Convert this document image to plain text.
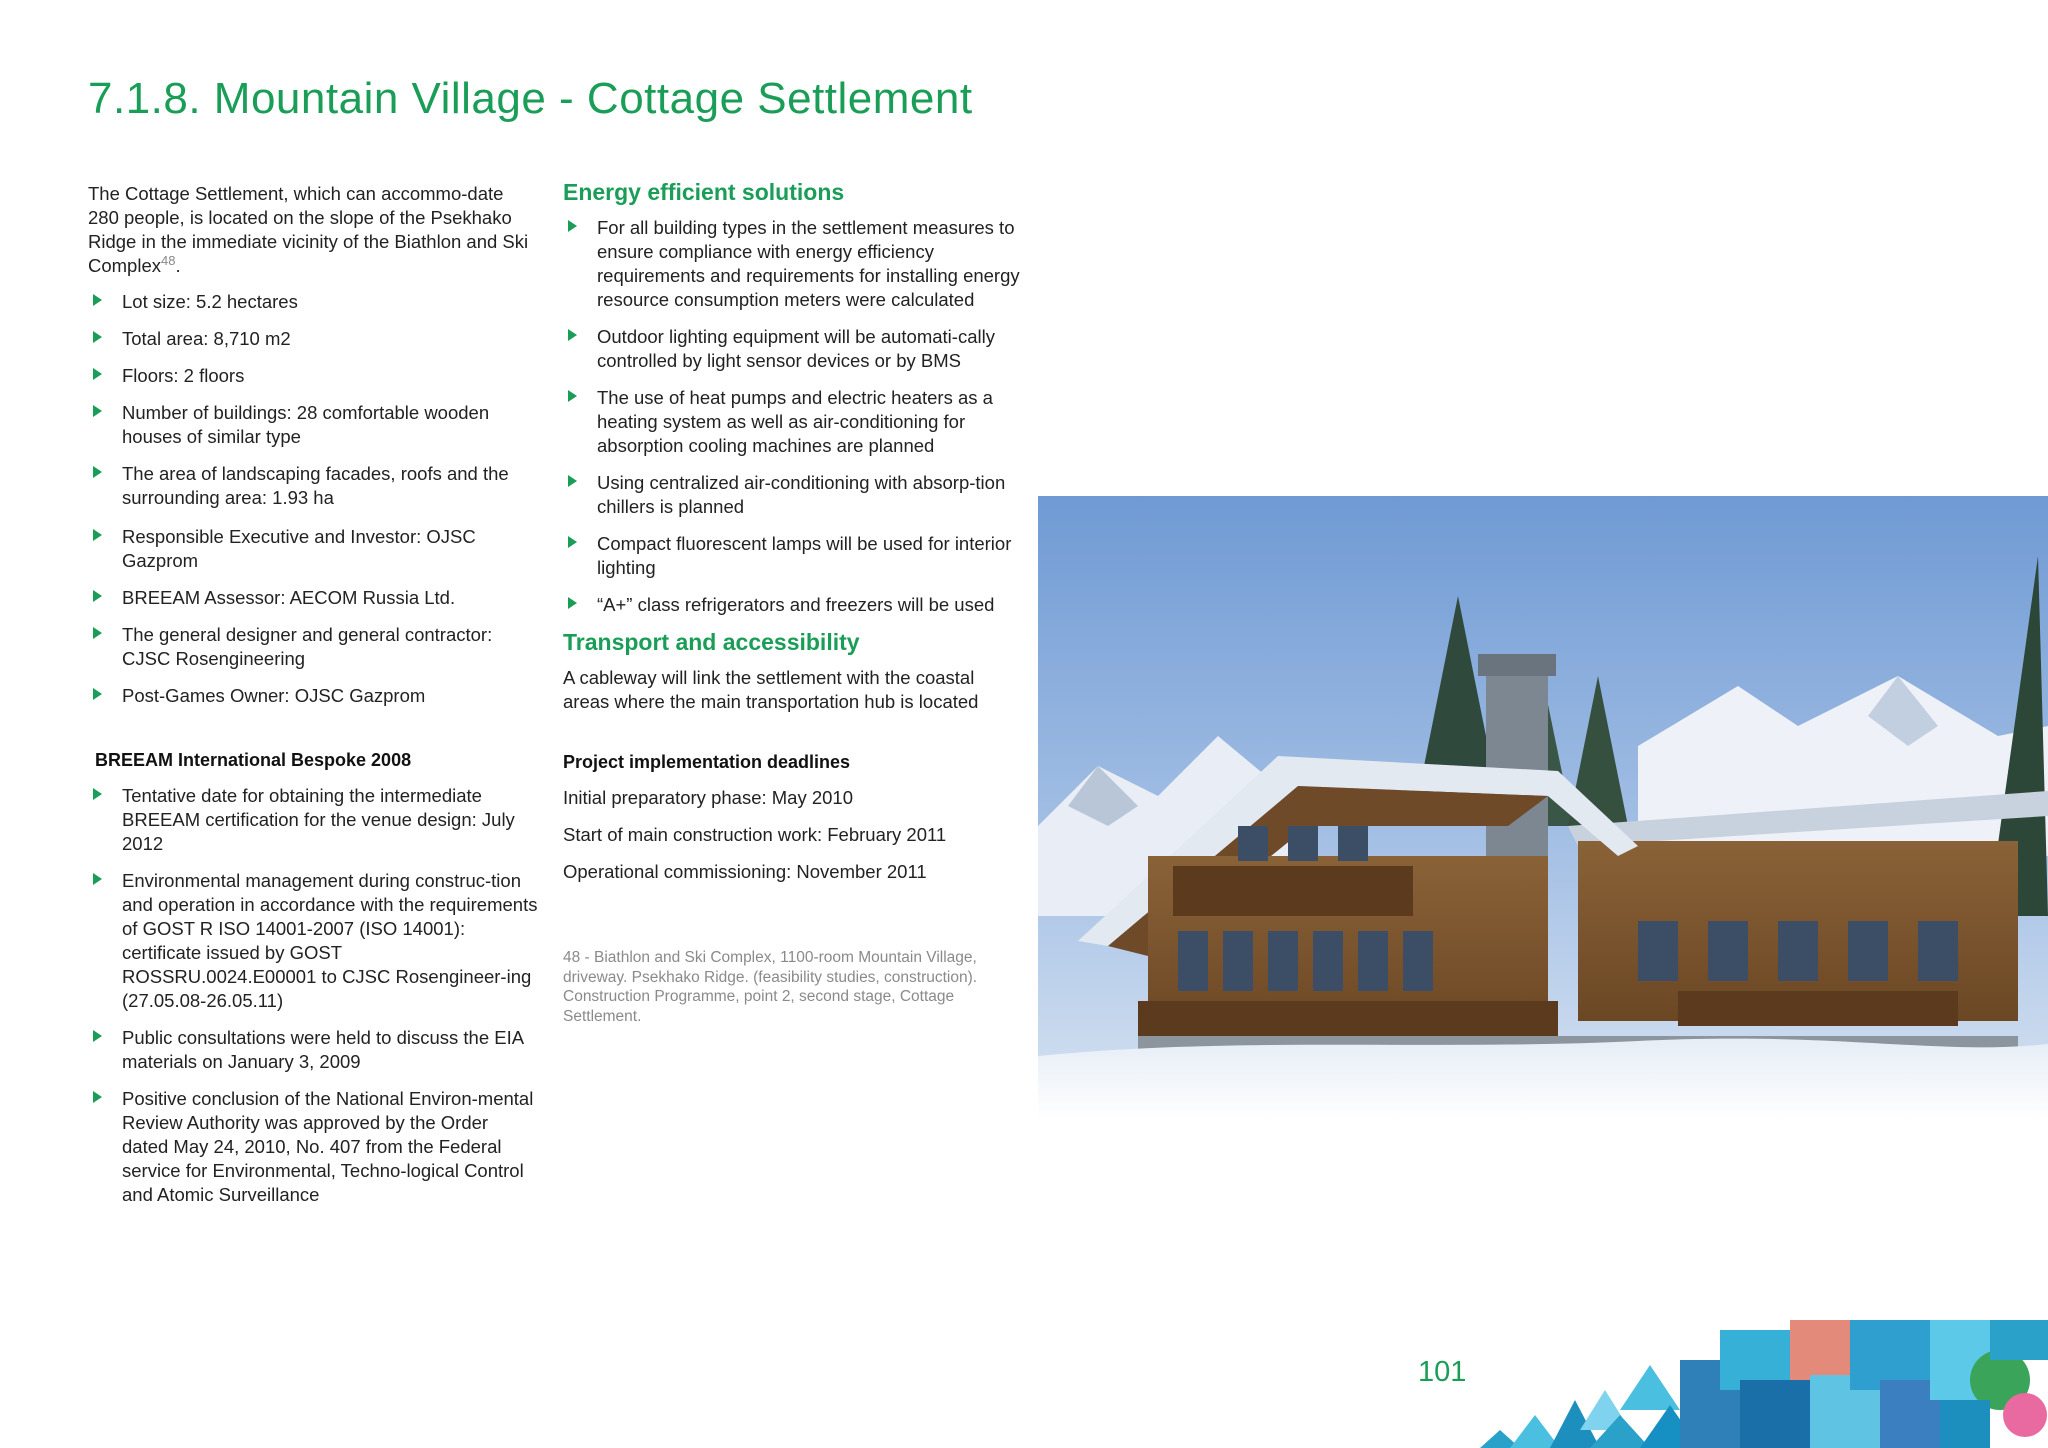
7.1.8. Mountain Village - Cottage Settlement

The Cottage Settlement, which can accommo-date 280 people, is located on the slope of the Psekhako Ridge in the immediate vicinity of the Biathlon and Ski Complex$^{48}$.

Lot size: 5.2 hectares
Total area: 8,710 m2
Floors: 2 floors
Number of buildings: 28 comfortable wooden houses of similar type
The area of landscaping facades, roofs and the surrounding area: 1.93 ha
Responsible Executive and Investor: OJSC Gazprom
BREEAM Assessor: AECOM Russia Ltd.
The general designer and general contractor: CJSC Rosengineering
Post-Games Owner: OJSC Gazprom
BREEAM International Bespoke 2008
Tentative date for obtaining the intermediate BREEAM certification for the venue design: July 2012
Environmental management during construc-tion and operation in accordance with the requirements of GOST R ISO 14001-2007 (ISO 14001): certificate issued by GOST ROSSRU.0024.E00001 to CJSC Rosengineer-ing (27.05.08-26.05.11)
Public consultations were held to discuss the EIA materials on January 3, 2009
Positive conclusion of the National Environ-mental Review Authority was approved by the Order dated May 24, 2010, No. 407 from the Federal service for Environmental, Techno-logical Control and Atomic Surveillance
Energy efficient solutions
For all building types in the settlement measures to ensure compliance with energy efficiency requirements and requirements for installing energy resource consumption meters were calculated
Outdoor lighting equipment will be automati-cally controlled by light sensor devices or by BMS
The use of heat pumps and electric heaters as a heating system as well as air-conditioning for absorption cooling machines are planned
Using centralized air-conditioning with absorp-tion chillers is planned
Compact fluorescent lamps will be used for interior lighting
“A+” class refrigerators and freezers will be used
Transport and accessibility

A cableway will link the settlement with the coastal areas where the main transportation hub is located

Project implementation deadlines

Initial preparatory phase: May 2010

Start of main construction work: February 2011

Operational commissioning: November 2011

48 - Biathlon and Ski Complex, 1100-room Mountain Village, driveway. Psekhako Ridge. (feasibility studies, construction). Construction Programme, point 2, second stage, Cottage Settlement.

101
